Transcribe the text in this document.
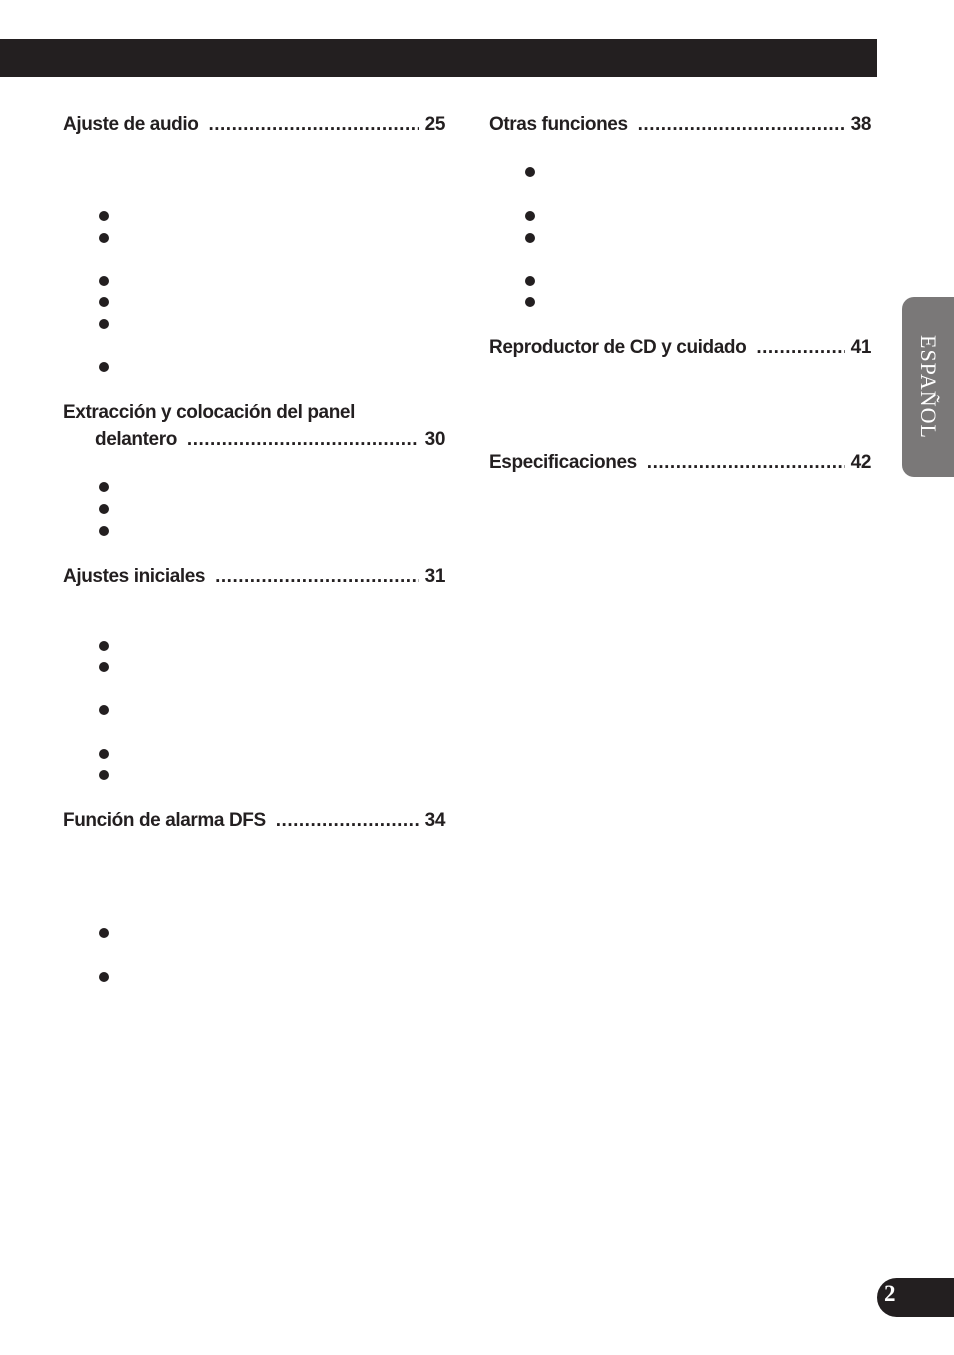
Ajuste de audio .....	25
Extracción y colocación del panel
delantero .....	30
Ajustes iniciales .....	31
Función de alarma DFS .....	34
Otras funciones .....	38
Reproductor de CD y cuidado .....	41
Especificaciones .....	42
ESPAÑOL
2
